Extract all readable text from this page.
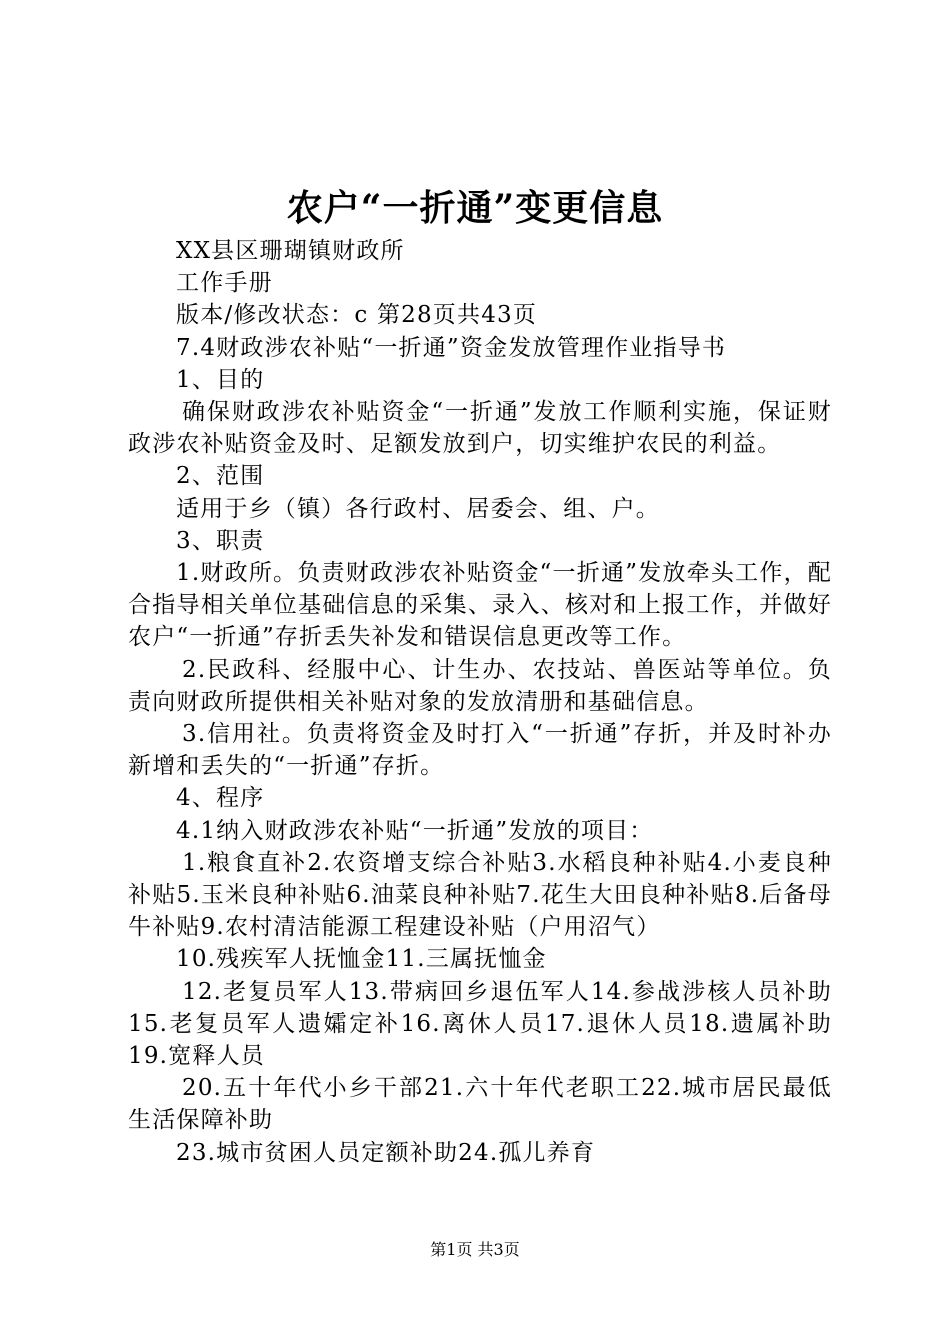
农户“一折通”变更信息

XX县区珊瑚镇财政所

工作手册

版本/修改状态：c 第28页共43页

7.4财政涉农补贴“一折通”资金发放管理作业指导书

1、目的

确保财政涉农补贴资金“一折通”发放工作顺利实施，保证财政涉农补贴资金及时、足额发放到户，切实维护农民的利益。

2、范围

适用于乡（镇）各行政村、居委会、组、户。

3、职责

1.财政所。负责财政涉农补贴资金“一折通”发放牵头工作，配合指导相关单位基础信息的采集、录入、核对和上报工作，并做好农户“一折通”存折丢失补发和错误信息更改等工作。

2.民政科、经服中心、计生办、农技站、兽医站等单位。负责向财政所提供相关补贴对象的发放清册和基础信息。

3.信用社。负责将资金及时打入“一折通”存折，并及时补办新增和丢失的“一折通”存折。

4、程序

4.1纳入财政涉农补贴“一折通”发放的项目：

1.粮食直补2.农资增支综合补贴3.水稻良种补贴4.小麦良种补贴5.玉米良种补贴6.油菜良种补贴7.花生大田良种补贴8.后备母牛补贴9.农村清洁能源工程建设补贴（户用沼气）

10.残疾军人抚恤金11.三属抚恤金

12.老复员军人13.带病回乡退伍军人14.参战涉核人员补助15.老复员军人遗孀定补16.离休人员17.退休人员18.遗属补助19.宽释人员

20.五十年代小乡干部21.六十年代老职工22.城市居民最低生活保障补助

23.城市贫困人员定额补助24.孤儿养育

第1页 共3页
